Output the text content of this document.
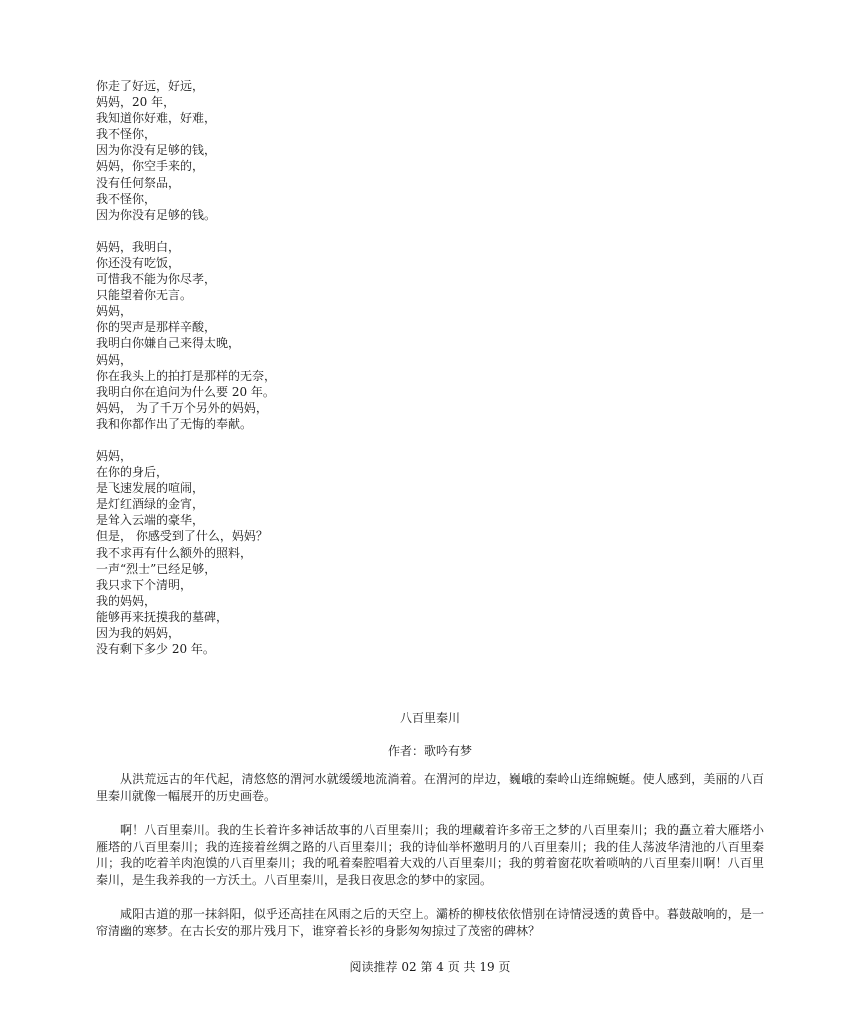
你走了好远，好远，
妈妈，20 年，
我知道你好难，好难，
我不怪你，
因为你没有足够的钱，
妈妈，你空手来的，
没有任何祭品，
我不怪你，
因为你没有足够的钱。
妈妈，我明白，
你还没有吃饭，
可惜我不能为你尽孝，
只能望着你无言。
妈妈，
你的哭声是那样辛酸，
我明白你嫌自己来得太晚，
妈妈，
你在我头上的拍打是那样的无奈，
我明白你在追问为什么要 20 年。
妈妈， 为了千万个另外的妈妈，
我和你都作出了无悔的奉献。
妈妈，
在你的身后，
是飞速发展的喧闹，
是灯红酒绿的金宵，
是耸入云端的豪华，
但是， 你感受到了什么，妈妈？
我不求再有什么额外的照料，
一声“烈士”已经足够，
我只求下个清明，
我的妈妈，
能够再来抚摸我的墓碑，
因为我的妈妈，
没有剩下多少 20 年。
八百里秦川
作者：歌吟有梦

从洪荒远古的年代起，清悠悠的渭河水就缓缓地流淌着。在渭河的岸边，巍峨的秦岭山连绵蜿蜒。使人感到，美丽的八百里秦川就像一幅展开的历史画卷。

啊！八百里秦川。我的生长着许多神话故事的八百里秦川；我的埋藏着许多帝王之梦的八百里秦川；我的矗立着大雁塔小雁塔的八百里秦川；我的连接着丝绸之路的八百里秦川；我的诗仙举杯邀明月的八百里秦川；我的佳人荡波华清池的八百里秦川；我的吃着羊肉泡馍的八百里秦川；我的吼着秦腔唱着大戏的八百里秦川；我的剪着窗花吹着唢呐的八百里秦川啊！八百里秦川，是生我养我的一方沃土。八百里秦川，是我日夜思念的梦中的家园。

咸阳古道的那一抹斜阳，似乎还高挂在风雨之后的天空上。灞桥的柳枝依依惜别在诗情浸透的黄昏中。暮鼓敲响的，是一帘清幽的寒梦。在古长安的那片残月下，谁穿着长衫的身影匆匆掠过了茂密的碑林？

阅读推荐 02 第 4 页 共 19 页
